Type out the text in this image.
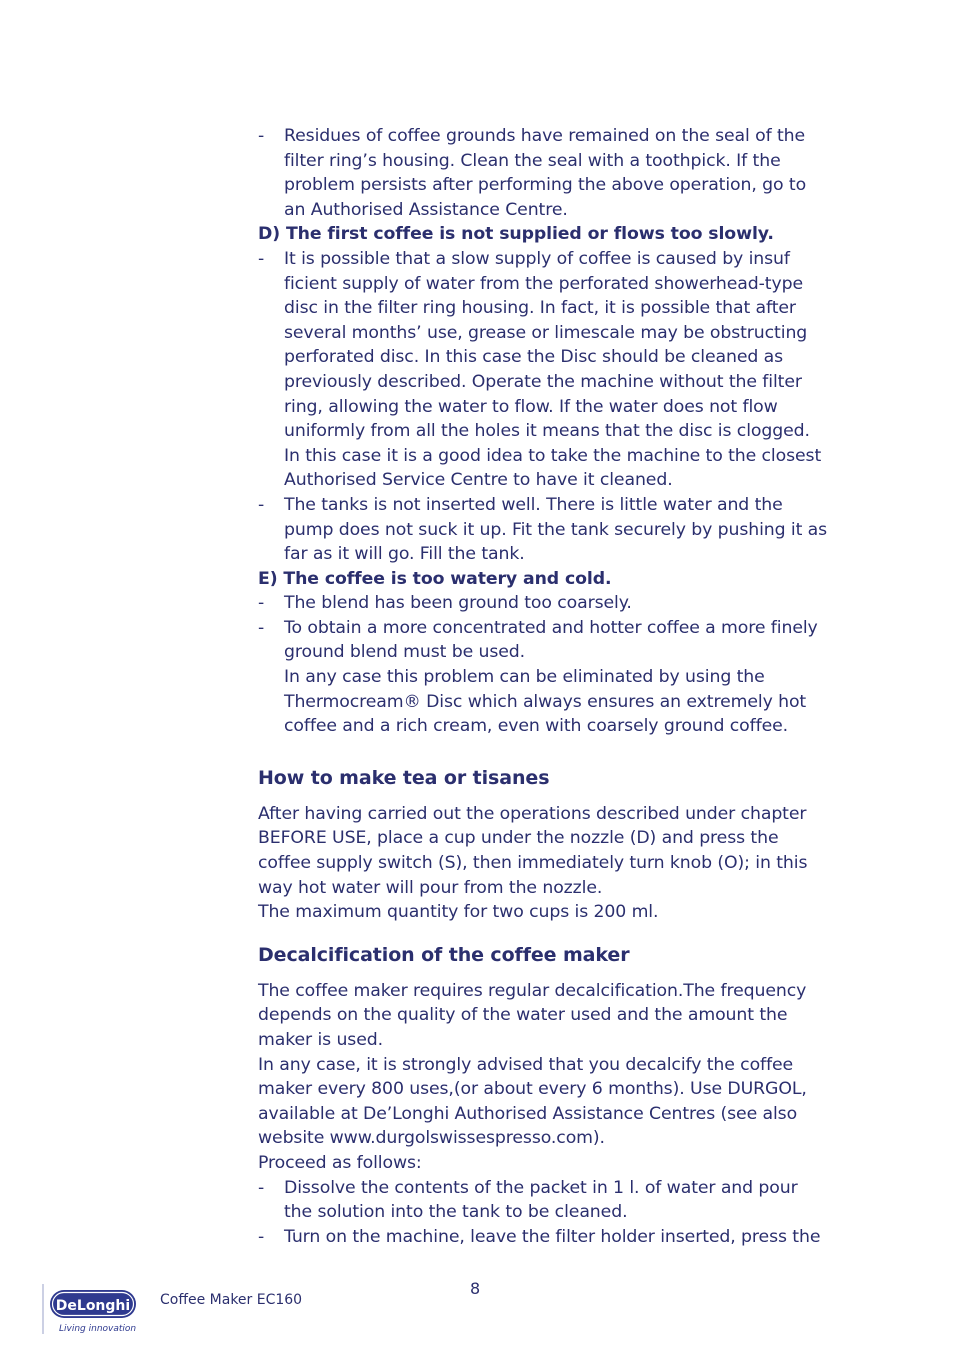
- Residues of coffee grounds have remained on the seal of the filter ring’s housing. Clean the seal with a toothpick. If the problem persists after performing the above operation, go to an Authorised Assistance Centre.
D) The first coffee is not supplied or flows too slowly.
- It is possible that a slow supply of coffee is caused by insuf ficient supply of water from the perforated showerhead-type disc in the filter ring housing. In fact, it is possible that after several months’ use, grease or limescale may be obstructing perforated disc. In this case the Disc should be cleaned as previously described. Operate the machine without the filter ring, allowing the water to flow. If the water does not flow uniformly from all the holes it means that the disc is clogged. In this case it is a good idea to take the machine to the closest Authorised Service Centre to have it cleaned.
- The tanks is not inserted well. There is little water and the pump does not suck it up. Fit the tank securely by pushing it as far as it will go. Fill the tank.
E) The coffee is too watery and cold.
- The blend has been ground too coarsely.
- To obtain a more concentrated and hotter coffee a more finely ground blend must be used.
In any case this problem can be eliminated by using the Thermocream® Disc which always ensures an extremely hot coffee and a rich cream, even with coarsely ground coffee.
How to make tea or tisanes
After having carried out the operations described under chapter BEFORE USE, place a cup under the nozzle (D) and press the coffee supply switch (S), then immediately turn knob (O); in this way hot water will pour from the nozzle.
The maximum quantity for two cups is 200 ml.
Decalcification of the coffee maker
The coffee maker requires regular decalcification.The frequency depends on the quality of the water used and the amount the maker is used.
In any case, it is strongly advised that you decalcify the coffee maker every 800 uses,(or about every 6 months). Use DURGOL, available at De’Longhi Authorised Assistance Centres (see also website www.durgolswissespresso.com).
Proceed as follows:
- Dissolve the contents of the packet in 1 l. of water and pour the solution into the tank to be cleaned.
- Turn on the machine, leave the filter holder inserted, press the
DeLonghi
Living innovation
Coffee Maker EC160
8
